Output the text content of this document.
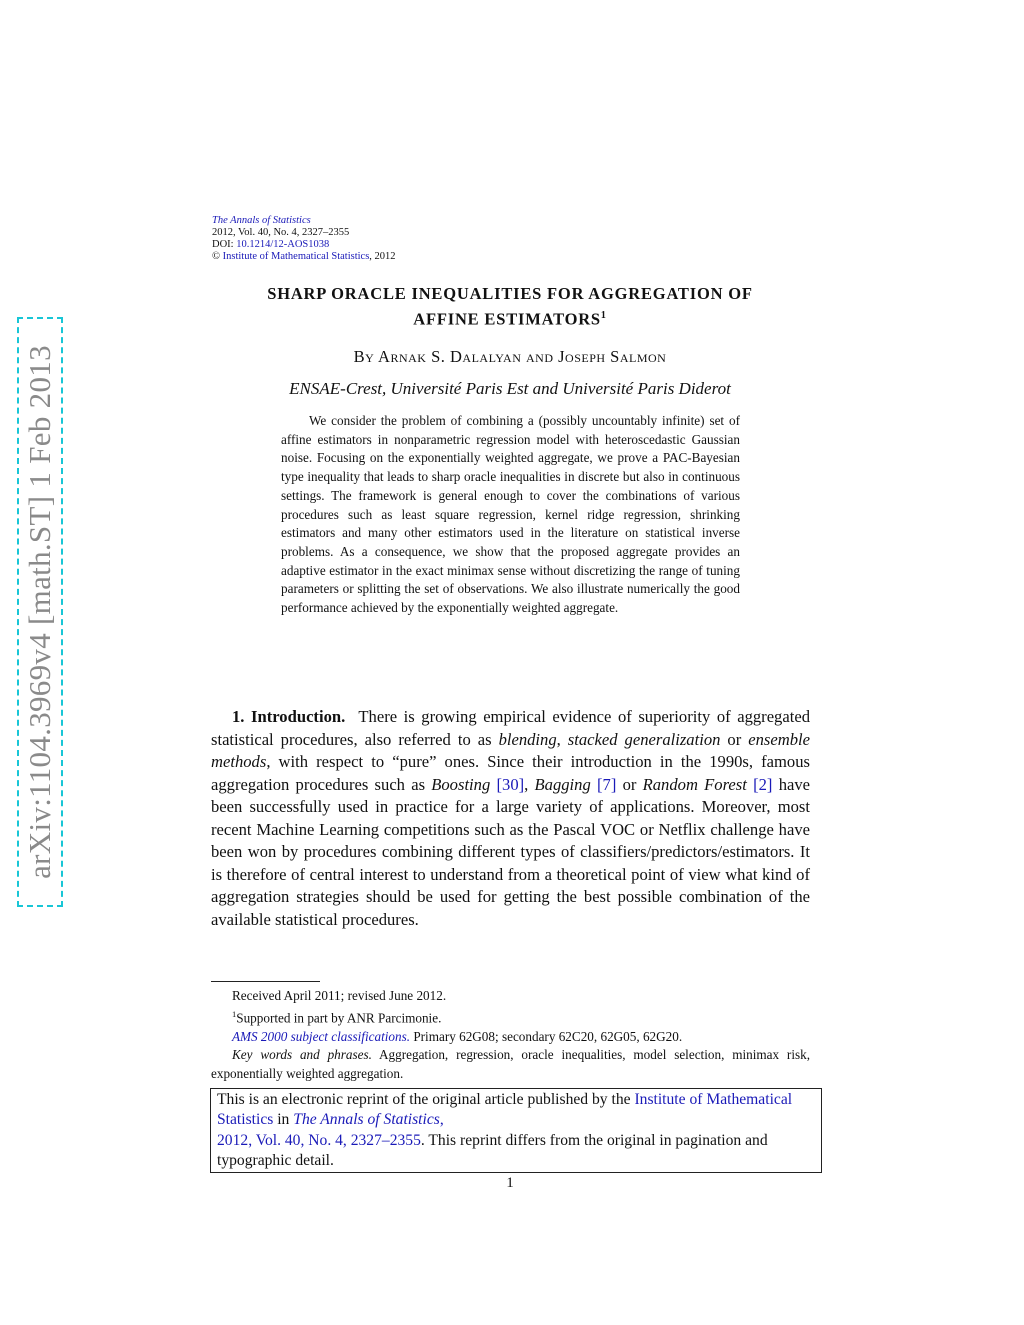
arXiv:1104.3969v4 [math.ST] 1 Feb 2013
The Annals of Statistics
2012, Vol. 40, No. 4, 2327–2355
DOI: 10.1214/12-AOS1038
© Institute of Mathematical Statistics, 2012
SHARP ORACLE INEQUALITIES FOR AGGREGATION OF
AFFINE ESTIMATORS$^1$
By Arnak S. Dalalyan and Joseph Salmon
ENSAE-Crest, Université Paris Est and Université Paris Diderot
We consider the problem of combining a (possibly uncountably infinite) set of affine estimators in nonparametric regression model with heteroscedastic Gaussian noise. Focusing on the exponentially weighted aggregate, we prove a PAC-Bayesian type inequality that leads to sharp oracle inequalities in discrete but also in continuous settings. The framework is general enough to cover the combinations of various procedures such as least square regression, kernel ridge regression, shrinking estimators and many other estimators used in the literature on statistical inverse problems. As a consequence, we show that the proposed aggregate provides an adaptive estimator in the exact minimax sense without discretizing the range of tuning parameters or splitting the set of observations. We also illustrate numerically the good performance achieved by the exponentially weighted aggregate.
1. Introduction. There is growing empirical evidence of superiority of aggregated statistical procedures, also referred to as blending, stacked generalization or ensemble methods, with respect to “pure” ones. Since their introduction in the 1990s, famous aggregation procedures such as Boosting [30], Bagging [7] or Random Forest [2] have been successfully used in practice for a large variety of applications. Moreover, most recent Machine Learning competitions such as the Pascal VOC or Netflix challenge have been won by procedures combining different types of classifiers/predictors/estimators. It is therefore of central interest to understand from a theoretical point of view what kind of aggregation strategies should be used for getting the best possible combination of the available statistical procedures.

Received April 2011; revised June 2012.

$^1$Supported in part by ANR Parcimonie.

AMS 2000 subject classifications. Primary 62G08; secondary 62C20, 62G05, 62G20.

Key words and phrases. Aggregation, regression, oracle inequalities, model selection, minimax risk, exponentially weighted aggregation.

This is an electronic reprint of the original article published by the Institute of Mathematical Statistics in The Annals of Statistics,
2012, Vol. 40, No. 4, 2327–2355. This reprint differs from the original in pagination and typographic detail.
1
